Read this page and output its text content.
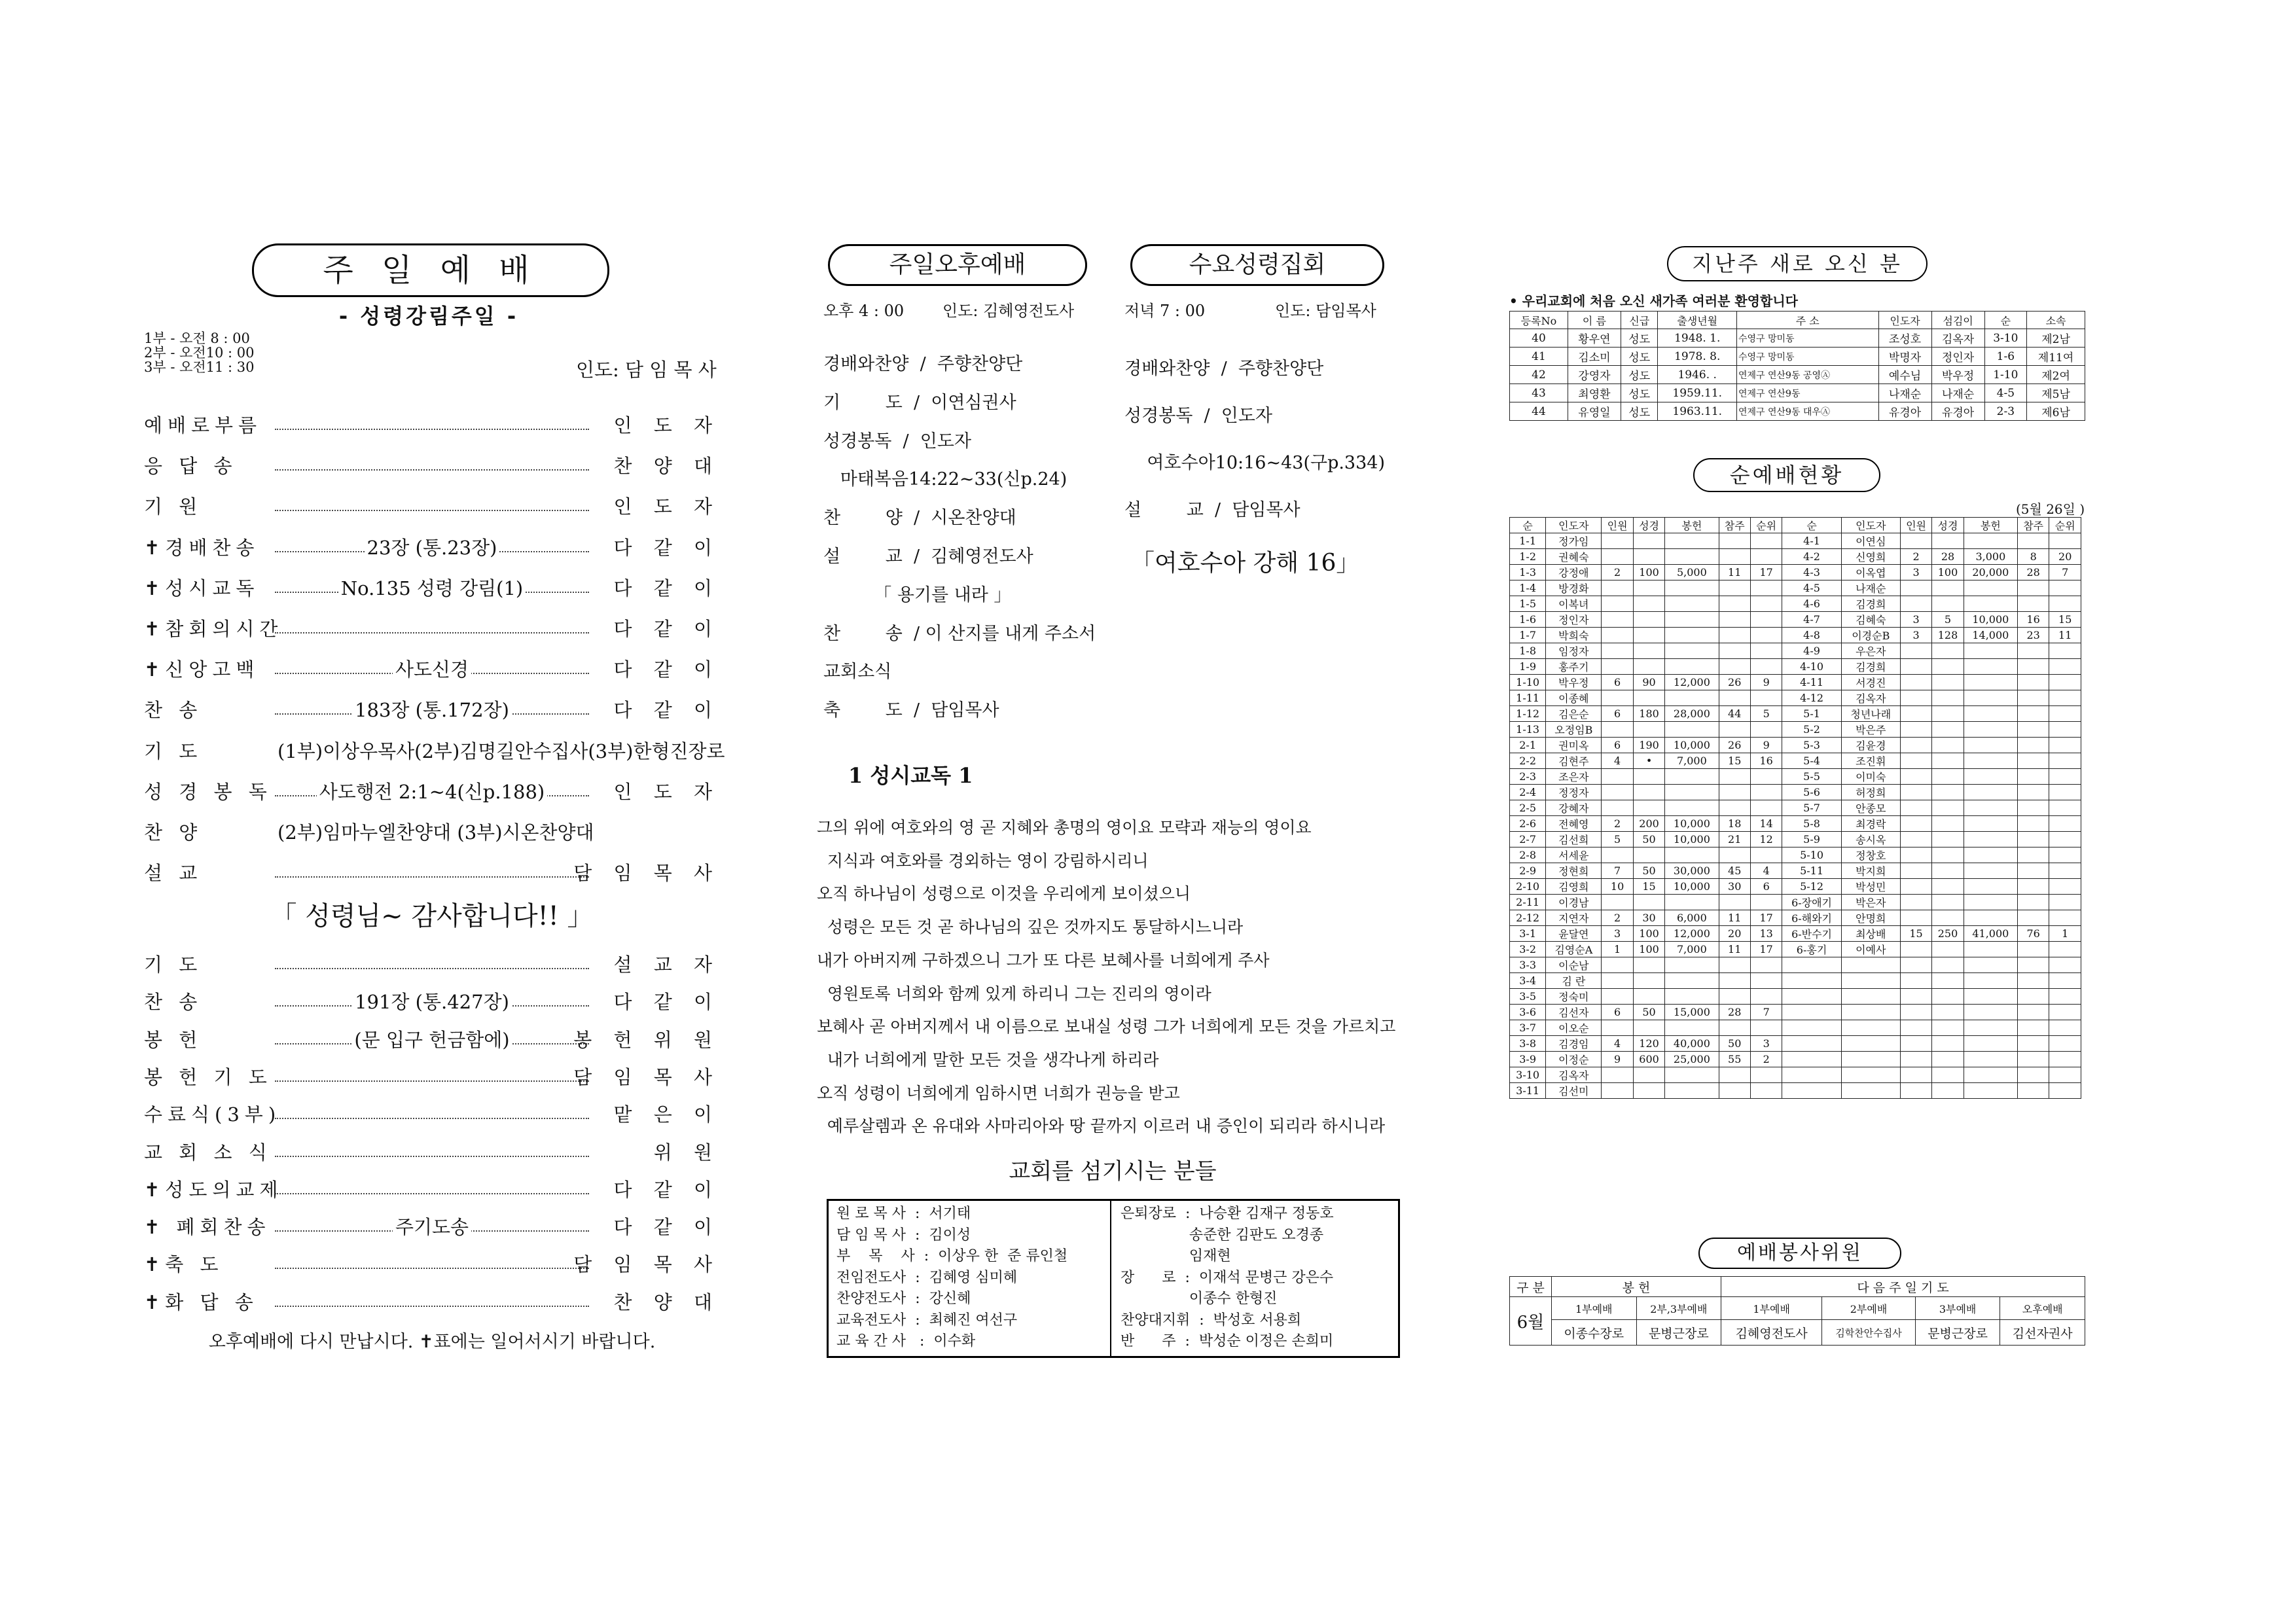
주 일 예 배
- 성령강림주일 -
1부 - 오전 8 : 00
2부 - 오전10 : 00
3부 - 오전11 : 30	인도: 담 임 목 사
예배로부름	인 도 자
응 답 송	찬 양 대
기 원	인 도 자
✝경배찬송	23장 (통.23장)	다 같 이
✝성시교독	No.135 성령 강림(1)	다 같 이
✝참회의시간	다 같 이
✝신앙고백	사도신경	다 같 이
찬 송	183장 (통.172장)	다 같 이
기 도	(1부)이상우목사(2부)김명길안수집사(3부)한형진장로
성 경 봉 독	사도행전 2:1~4(신p.188)	인 도 자
찬 양	(2부)임마누엘찬양대 (3부)시온찬양대
설 교	담 임 목 사
「 성령님~ 감사합니다!! 」
기 도	설 교 자
찬 송	191장 (통.427장)	다 같 이
봉 헌	(문 입구 헌금함에)	봉 헌 위 원
봉 헌 기 도	담 임 목 사
수료식(3부)	맡 은 이
교 회 소 식	위 원
✝성도의교제	다 같 이
✝ 폐회찬송	주기도송	다 같 이
✝축 도	담 임 목 사
✝화 답 송	찬 양 대
오후예배에 다시 만납시다. ✝표에는 일어서시기 바랍니다.
주일오후예배
오후 4 : 00 인도: 김혜영전도사
경배와찬양  /  주향찬양단
기        도  /  이연심권사
성경봉독  /  인도자
마태복음14:22~33(신p.24)
찬        양  /  시온찬양대
설        교  /  김혜영전도사
「 용기를 내라 」
찬        송  / 이 산지를 내게 주소서
교회소식
축        도  /  담임목사
수요성령집회
저녁 7 : 00	인도: 담임목사
경배와찬양  /  주향찬양단
성경봉독  /  인도자
여호수아10:16~43(구p.334)
설        교  /  담임목사
「여호수아 강해 16」
1 성시교독 1
그의 위에 여호와의 영 곧 지혜와 총명의 영이요 모략과 재능의 영이요
지식과 여호와를 경외하는 영이 강림하시리니
오직 하나님이 성령으로 이것을 우리에게 보이셨으니
성령은 모든 것 곧 하나님의 깊은 것까지도 통달하시느니라
내가 아버지께 구하겠으니 그가 또 다른 보혜사를 너희에게 주사
영원토록 너희와 함께 있게 하리니 그는 진리의 영이라
보혜사 곧 아버지께서 내 이름으로 보내실 성령 그가 너희에게 모든 것을 가르치고
내가 너희에게 말한 모든 것을 생각나게 하리라
오직 성령이 너희에게 임하시면 너희가 권능을 받고
예루살렘과 온 유대와 사마리아와 땅 끝까지 이르러 내 증인이 되리라 하시니라
교회를 섬기시는 분들
원 로 목 사  :  서기태
담 임 목 사  :  김이성
부    목    사  :  이상우 한  준 류인철
전임전도사  :  김혜영 심미혜
찬양전도사  :  강신혜
교육전도사  :  최혜진 여선구
교 육 간 사   :  이수화
은퇴장로  :  나승환 김재구 정동호
송준한 김판도 오경종
임재현
장      로  :  이재석 문병근 강은수
이종수 한형진
찬양대지휘  :  박성호 서용희
반      주  :  박성순 이정은 손희미
지난주 새로 오신 분
• 우리교회에 처음 오신 새가족 여러분 환영합니다
등록No	이 름	신급	출생년월	주 소	인도자	섬김이	순	소속
40	황우연	성도	1948. 1.	수영구 망미동	조성호	김옥자	3-10	제2남
41	김소미	성도	1978. 8.	수영구 망미동	박명자	정인자	1-6	제11여
42	강영자	성도	1946. .	연제구 연산9동 공영Ⓐ	예수님	박우정	1-10	제2여
43	최영환	성도	1959.11.	연제구 연산9동	나재순	나재순	4-5	제5남
44	유영일	성도	1963.11.	연제구 연산9동 대우Ⓐ	유경아	유경아	2-3	제6남
순예배현황
(5월 26일 )
순	인도자	인원	성경	봉헌	참주	순위	순	인도자	인원	성경	봉헌	참주	순위
1-1	정가임						4-1	이연심					
1-2	권혜숙						4-2	신영희	2	28	3,000	8	20
1-3	강정애	2	100	5,000	11	17	4-3	이옥엽	3	100	20,000	28	7
1-4	방경화						4-5	나재순					
1-5	이복녀						4-6	김경희					
1-6	정인자						4-7	김혜숙	3	5	10,000	16	15
1-7	박희숙						4-8	이경순B	3	128	14,000	23	11
1-8	임정자						4-9	우은자					
1-9	홍주기						4-10	김경희					
1-10	박우정	6	90	12,000	26	9	4-11	서경진					
1-11	이종혜						4-12	김옥자					
1-12	김은순	6	180	28,000	44	5	5-1	청년나래					
1-13	오정임B						5-2	박은주					
2-1	권미옥	6	190	10,000	26	9	5-3	김윤경					
2-2	김현주	4	•	7,000	15	16	5-4	조진휘					
2-3	조은자						5-5	이미숙					
2-4	정정자						5-6	허정희					
2-5	강혜자						5-7	안종모					
2-6	전혜영	2	200	10,000	18	14	5-8	최경락					
2-7	김선희	5	50	10,000	21	12	5-9	송시옥					
2-8	서세윤						5-10	정창호					
2-9	정현희	7	50	30,000	45	4	5-11	박지희					
2-10	김영희	10	15	10,000	30	6	5-12	박성민					
2-11	이경남						6-장애기	박은자					
2-12	지연자	2	30	6,000	11	17	6-해와기	안명희					
3-1	윤달연	3	100	12,000	20	13	6-반수기	최상배	15	250	41,000	76	1
3-2	김영순A	1	100	7,000	11	17	6-홍기	이예사					
3-3	이순남												
3-4	김 란												
3-5	정숙미												
3-6	김선자	6	50	15,000	28	7							
3-7	이오순												
3-8	김경임	4	120	40,000	50	3							
3-9	이정순	9	600	25,000	55	2							
3-10	김옥자												
3-11	김선미												
예배봉사위원
구 분	봉 헌		다 음 주 일 기 도			
6월	1부예배	2부,3부예배	1부예배	2부예배	3부예배	오후예배
	이종수장로	문병근장로	김혜영전도사	김학찬안수집사	문병근장로	김선자권사
